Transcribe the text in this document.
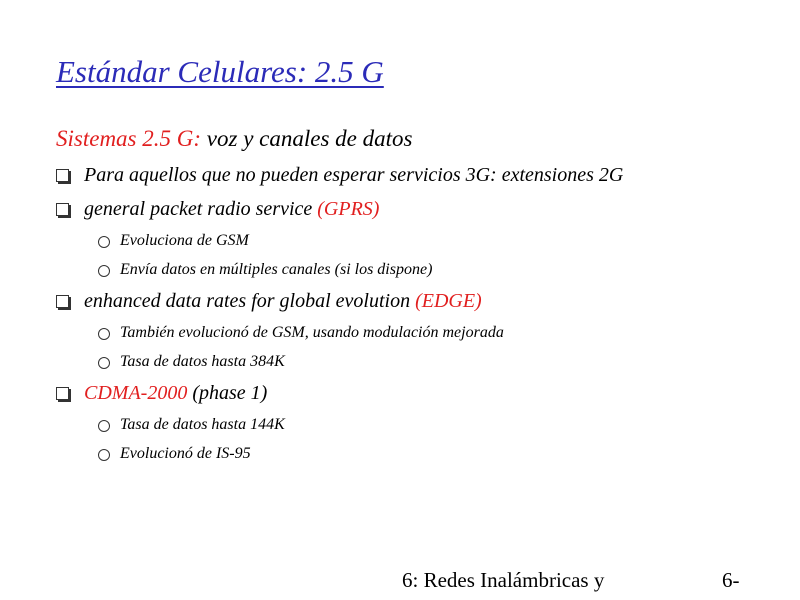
Estándar Celulares: 2.5 G
Sistemas 2.5 G: voz y canales de datos
Para aquellos que no pueden esperar servicios 3G: extensiones 2G
general packet radio service (GPRS)
Evoluciona de GSM
Envía datos en múltiples canales (si los dispone)
enhanced data rates for global evolution (EDGE)
También evolucionó de GSM, usando modulación mejorada
Tasa de datos hasta 384K
CDMA-2000 (phase 1)
Tasa de datos hasta 144K
Evolucionó de IS-95
6: Redes Inalámbricas y	6-
